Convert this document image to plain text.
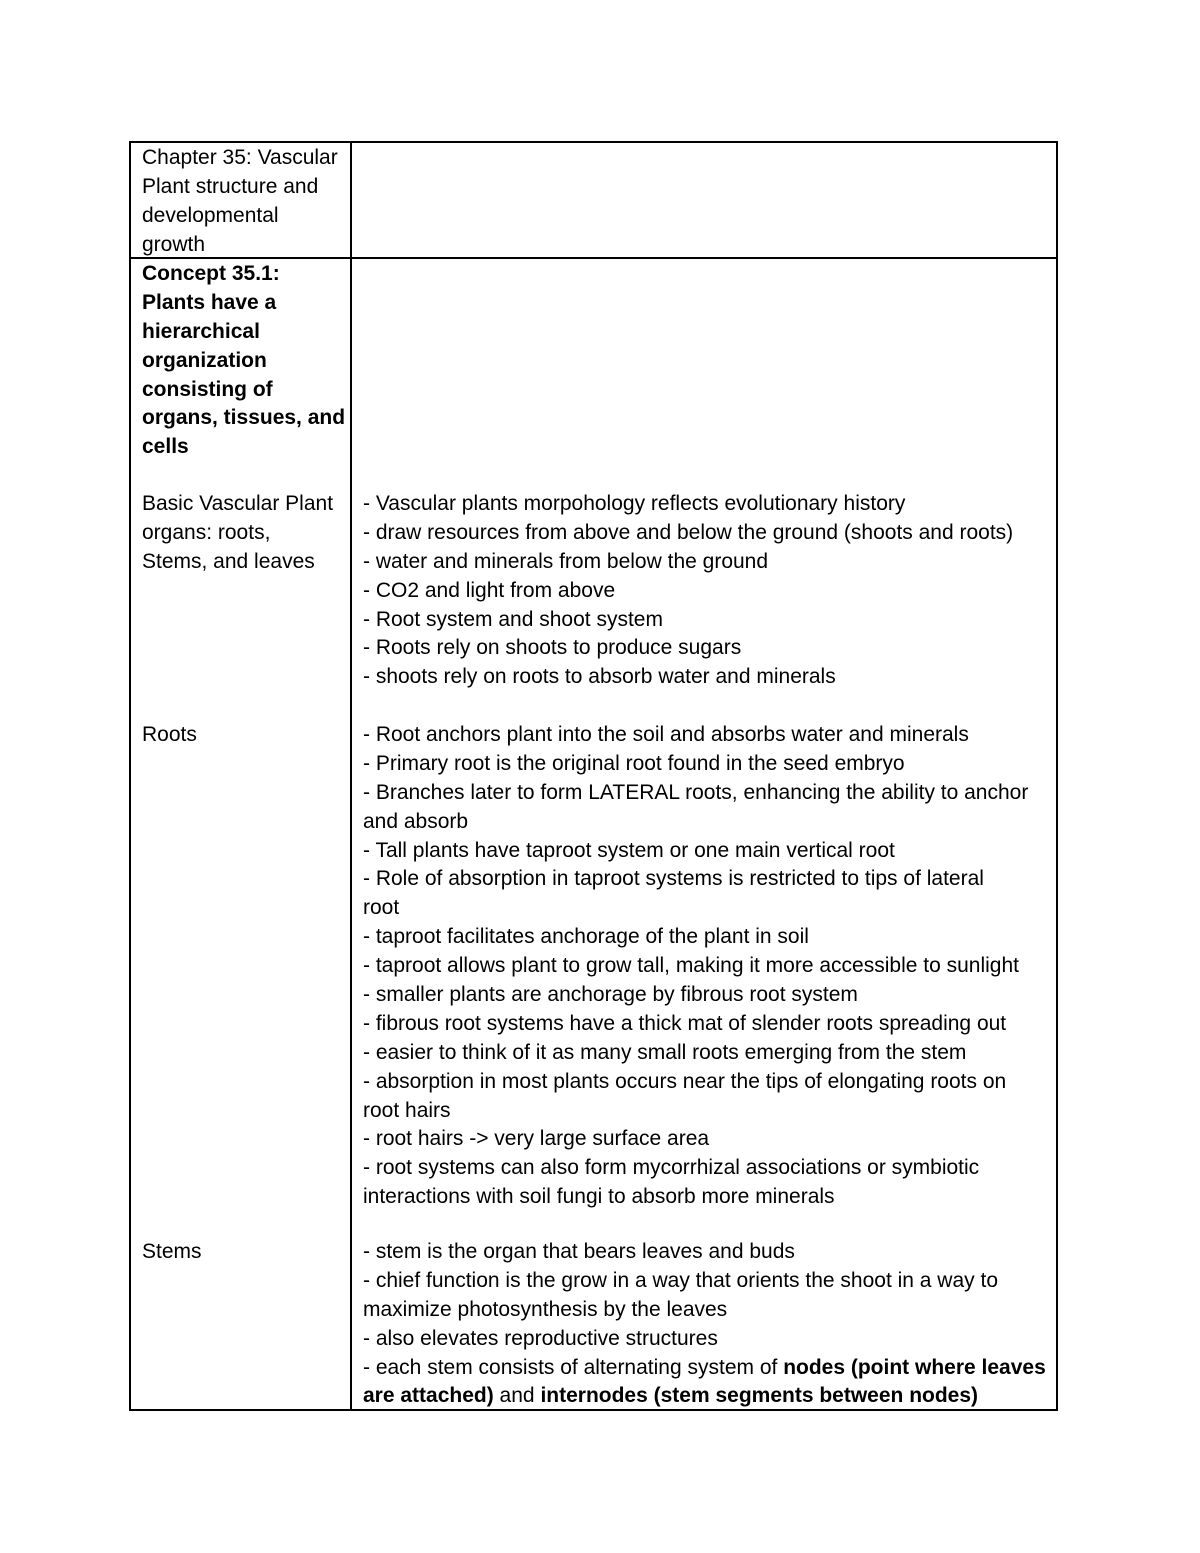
Chapter 35: Vascular
Plant structure and
developmental
growth
Concept 35.1:
Plants have a
hierarchical
organization
consisting of
organs, tissues, and
cells
Basic Vascular Plant
organs: roots,
Stems, and leaves
- Vascular plants morpohology reflects evolutionary history
- draw resources from above and below the ground (shoots and roots)
- water and minerals from below the ground
- CO2 and light from above
- Root system and shoot system
- Roots rely on shoots to produce sugars
- shoots rely on roots to absorb water and minerals
Roots	- Root anchors plant into the soil and absorbs water and minerals
- Primary root is the original root found in the seed embryo
- Branches later to form LATERAL roots, enhancing the ability to anchor
and absorb
- Tall plants have taproot system or one main vertical root
- Role of absorption in taproot systems is restricted to tips of lateral
root
- taproot facilitates anchorage of the plant in soil
- taproot allows plant to grow tall, making it more accessible to sunlight
- smaller plants are anchorage by fibrous root system
- fibrous root systems have a thick mat of slender roots spreading out
- easier to think of it as many small roots emerging from the stem
- absorption in most plants occurs near the tips of elongating roots on
root hairs
- root hairs -> very large surface area
- root systems can also form mycorrhizal associations or symbiotic
interactions with soil fungi to absorb more minerals
Stems	- stem is the organ that bears leaves and buds
- chief function is the grow in a way that orients the shoot in a way to
maximize photosynthesis by the leaves
- also elevates reproductive structures
- each stem consists of alternating system of nodes (point where leaves
are attached) and internodes (stem segments between nodes)
